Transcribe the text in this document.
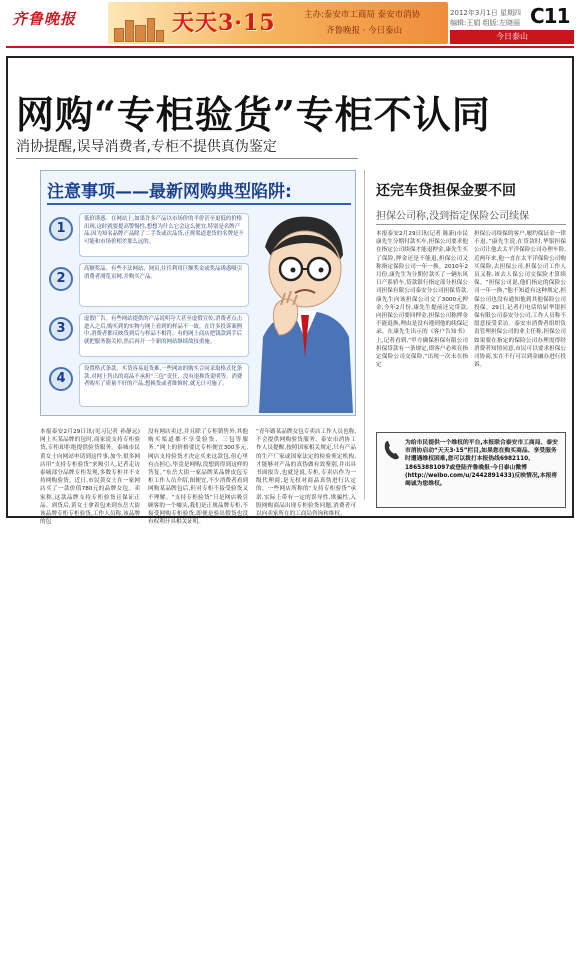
齐鲁晚报	天天3·15	主办:泰安市工商局 泰安市消协
齐鲁晚报 · 今日泰山
2012年3月1日 星期四
编辑:王娟 组版:左晓丽 C11
今日泰山
网购“专柜验货”专柜不认同
消协提醒,误导消费者,专柜不提供真伪鉴定
注意事项——最新网购典型陷阱:
1
低价诱惑。在网站上,如果许多产品以市场价的半价甚至更低的价格出现,这时就要提高警惕性,想想为什么它会这么便宜,特别是名牌产品,因为知名品牌产品除了二手货或次品货,正规渠道进货的名牌是不可能和市场价相差那么远的。
2
高额奖品。有些不法网站、网页,往往利用巨额奖金或奖品诱惑吸引消费者浏览页网,并购买产品。
3
虚假广告。有些网站提供的产品说明夸大甚至虚假宣传,消费者点击进入之后,购买到的实物与网上看到的样品不一致。在许多投诉案例中,消费者都反映货到后与样品不相符。有的网上商店把钱款到手后就把服务器关掉,然后再开一个新的网站继续故技重施。
4
设置格式条款。买货容易退货难,一些网站的购买合同采取格式化条款,对网上售出的商品不承担“三包”责任、没有退换货说明等。消费者购买了质量不好的产品,想换货或者维修时,就无计可施了。
本报泰安2月29日讯(见习记者 孙静远)网上买某品牌的包时,商家说支持专柜验货,专柜却拒绝提供验货服务。泰城市民黄女士向网站申请到这件事,加今,很多网店用“支持专柜验货”来吸引人,记者走访泰城部分品牌专柜发现,多数专柜并不支持网购验货。近日,市民黄女士在一家网店买了一款价值780元的品牌女包。卖家称,这款品牌支持专柜验货且保证正品。到货后,黄女士拿着包来到东岳大街该品牌专柜专柜验货,工作人员称,该品牌的包
没有网店卖过,并且除了专柜销售外,其他购买渠道都不享受验货、三包等服务。”网上的价格要比专柜便宜300多元,网店支持验货才决定买来这款包,但心里有点担心,毕竟是网购,没想到得到这样的答复。”东岳大街一家品牌某品牌皮包专柜工作人员介绍,图便宜,不少消费者看到网购某品牌包后,但对专柜不接受验货又不理解。“支持专柜验货”只是网店吸引顾客的一个噱头,我们是正规品牌专柜,不接受网购专柜验货,即便是验出假货也没有权利开具相关证明。
“青年路某品牌女包专卖店工作人员也称,不会提供网购验货服务。泰安市消协工作人员提醒,按照国家相关规定,只有产品的生产厂家或国家法定的检验鉴定机构,才能够对产品的真伪做有效鉴别,并出具书面报告,也就是说,专柜,专卖店作为一级代理商,是无权对商品真伪进行认定的。一些网店所称的“支持专柜验货”承诺,实际上带有一定的误导性,欺骗性,入股网购商品出现专柜验货问题,消费者可以向卖家所在的工商局咨询和维权。
还完车贷担保金要不回
担保公司称,没到指定保险公司续保
本报泰安2月29日讯(记者 陈新)市民康先生分期付款买车,担保公司要求他在指定公司续保才能退押金,康先生买了保险,押金还是不能退,担保公司又称指定保险公司一年一换。2010年2月份,康先生为分期付款买了一辆东风日产系轿车,贷款银行指定部分担保公司担保有限公司泰安分公司担保贷款,康先生向该担保公司交了3000元押金,今年2月份,康先生提前还完贷款,向担保公司要回押金,担保公司称押金不能退换,理由是没有遵到他的续保记录。在康先生出示的《客户告知书》上,记者看到,“甲方确保担保有限公司担保贷款有一条规定,即客户必须在指定保险公司交保险,”出现一次未在指定
担保公司续保的客户,履约保证金一律不退。”康先生说,在贷款时,华银担保公司让他去太平洋保险公司办理车险,近两年来,他一直在太平洋保险公司购买保险,去担保公司,担保公司工作人员又称,该去人保公司交保险才算续保。“担保公司说,他们指定的保险公司一年一换,”他不知道有这种规定,担保公司也没有通知他到其他保险公司投保。29日,记者打电话给届华银担保有限公司泰安分公司,工作人员称不愿意接受采访。泰安市消费者组织负责管理担保公司的业主任称,担保公司如果要在指定的保险公司办理需得经消费者知情同意,市民可以要求担保公司协商,实在不行可以到金融办进行投诉。
为给市民提供一个维权的平台,本报联合泰安市工商局、泰安市消协启动“天天3·15”栏目,如果您在购买商品、享受服务时遭遇维权困难,您可以拨打本报热线6982110、18653881097或登陆齐鲁晚报·今日泰山微博(http://weibo.com/u/2442891433)反映情况,本报将竭诚为您维权。
